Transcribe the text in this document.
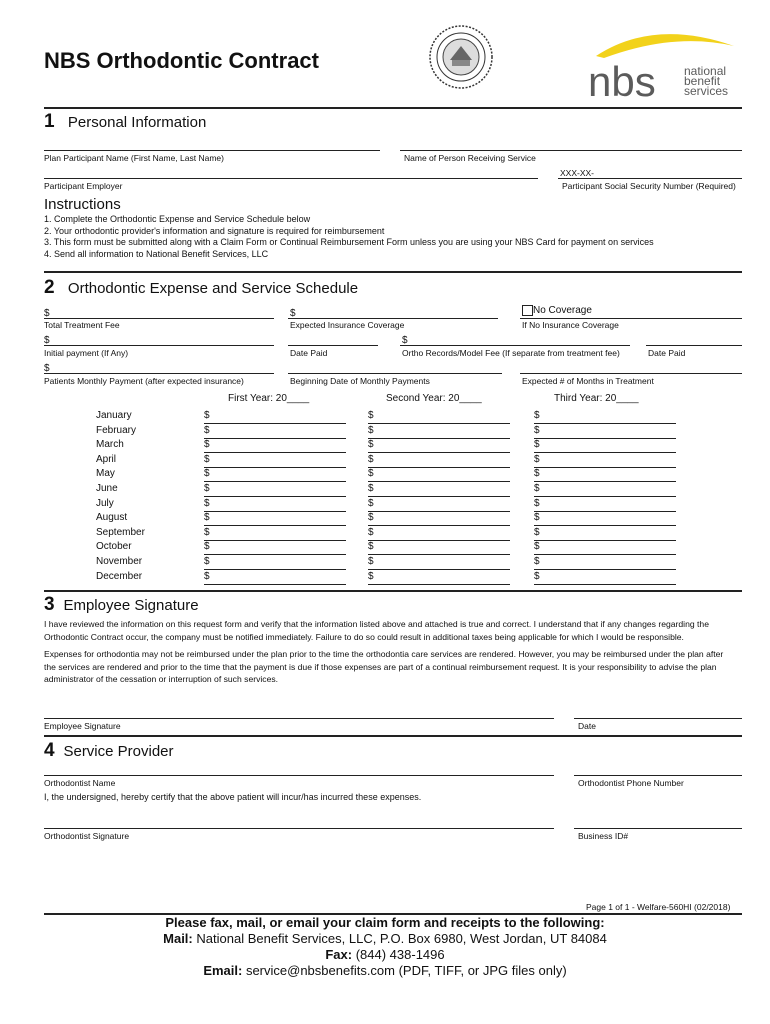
NBS Orthodontic Contract	nbs national
benefit
services
1 Personal Information
Plan Participant Name (First Name, Last Name)	Name of Person Receiving Service
Participant Employer
XXX-XX-
Participant Social Security Number (Required)
Instructions
1. Complete the Orthodontic Expense and Service Schedule below
2. Your orthodontic provider's information and signature is required for reimbursement
3. This form must be submitted along with a Claim Form or Continual Reimbursement Form unless you are using your NBS Card for payment on services
4. Send all information to National Benefit Services, LLC
2 Orthodontic Expense and Service Schedule
$
Total Treatment Fee
$
Expected Insurance Coverage
No Coverage
If No Insurance Coverage
$
Initial payment (If Any)	Date Paid
$
Ortho Records/Model Fee (If separate from treatment fee)	Date Paid
$
Patients Monthly Payment (after expected insurance)	Beginning Date of Monthly Payments	Expected # of Months in Treatment
First Year: 20____	Second Year: 20____	Third Year: 20____
January	$	$	$
February	$	$	$
March	$	$	$
April	$	$	$
May	$	$	$
June	$	$	$
July	$	$	$
August	$	$	$
September	$	$	$
October	$	$	$
November	$	$	$
December	$	$	$
3 Employee Signature
I have reviewed the information on this request form and verify that the information listed above and attached is true and correct. I understand that if any changes regarding the Orthodontic Contract occur, the company must be notified immediately. Failure to do so could result in additional taxes being applicable for which I would be responsible.
Expenses for orthodontia may not be reimbursed under the plan prior to the time the orthodontia care services are rendered. However, you may be reimbursed under the plan after the services are rendered and prior to the time that the payment is due if those expenses are part of a continual reimbursement request. It is your responsibility to advise the plan administrator of the cessation or interruption of such services.
Employee Signature	Date
4 Service Provider
Orthodontist Name	Orthodontist Phone Number
I, the undersigned, hereby certify that the above patient will incur/has incurred these expenses.
Orthodontist Signature	Business ID#
Page 1 of 1 - Welfare-560HI (02/2018)
Please fax, mail, or email your claim form and receipts to the following:
Mail: National Benefit Services, LLC, P.O. Box 6980, West Jordan, UT 84084
Fax: (844) 438-1496
Email: service@nbsbenefits.com (PDF, TIFF, or JPG files only)
